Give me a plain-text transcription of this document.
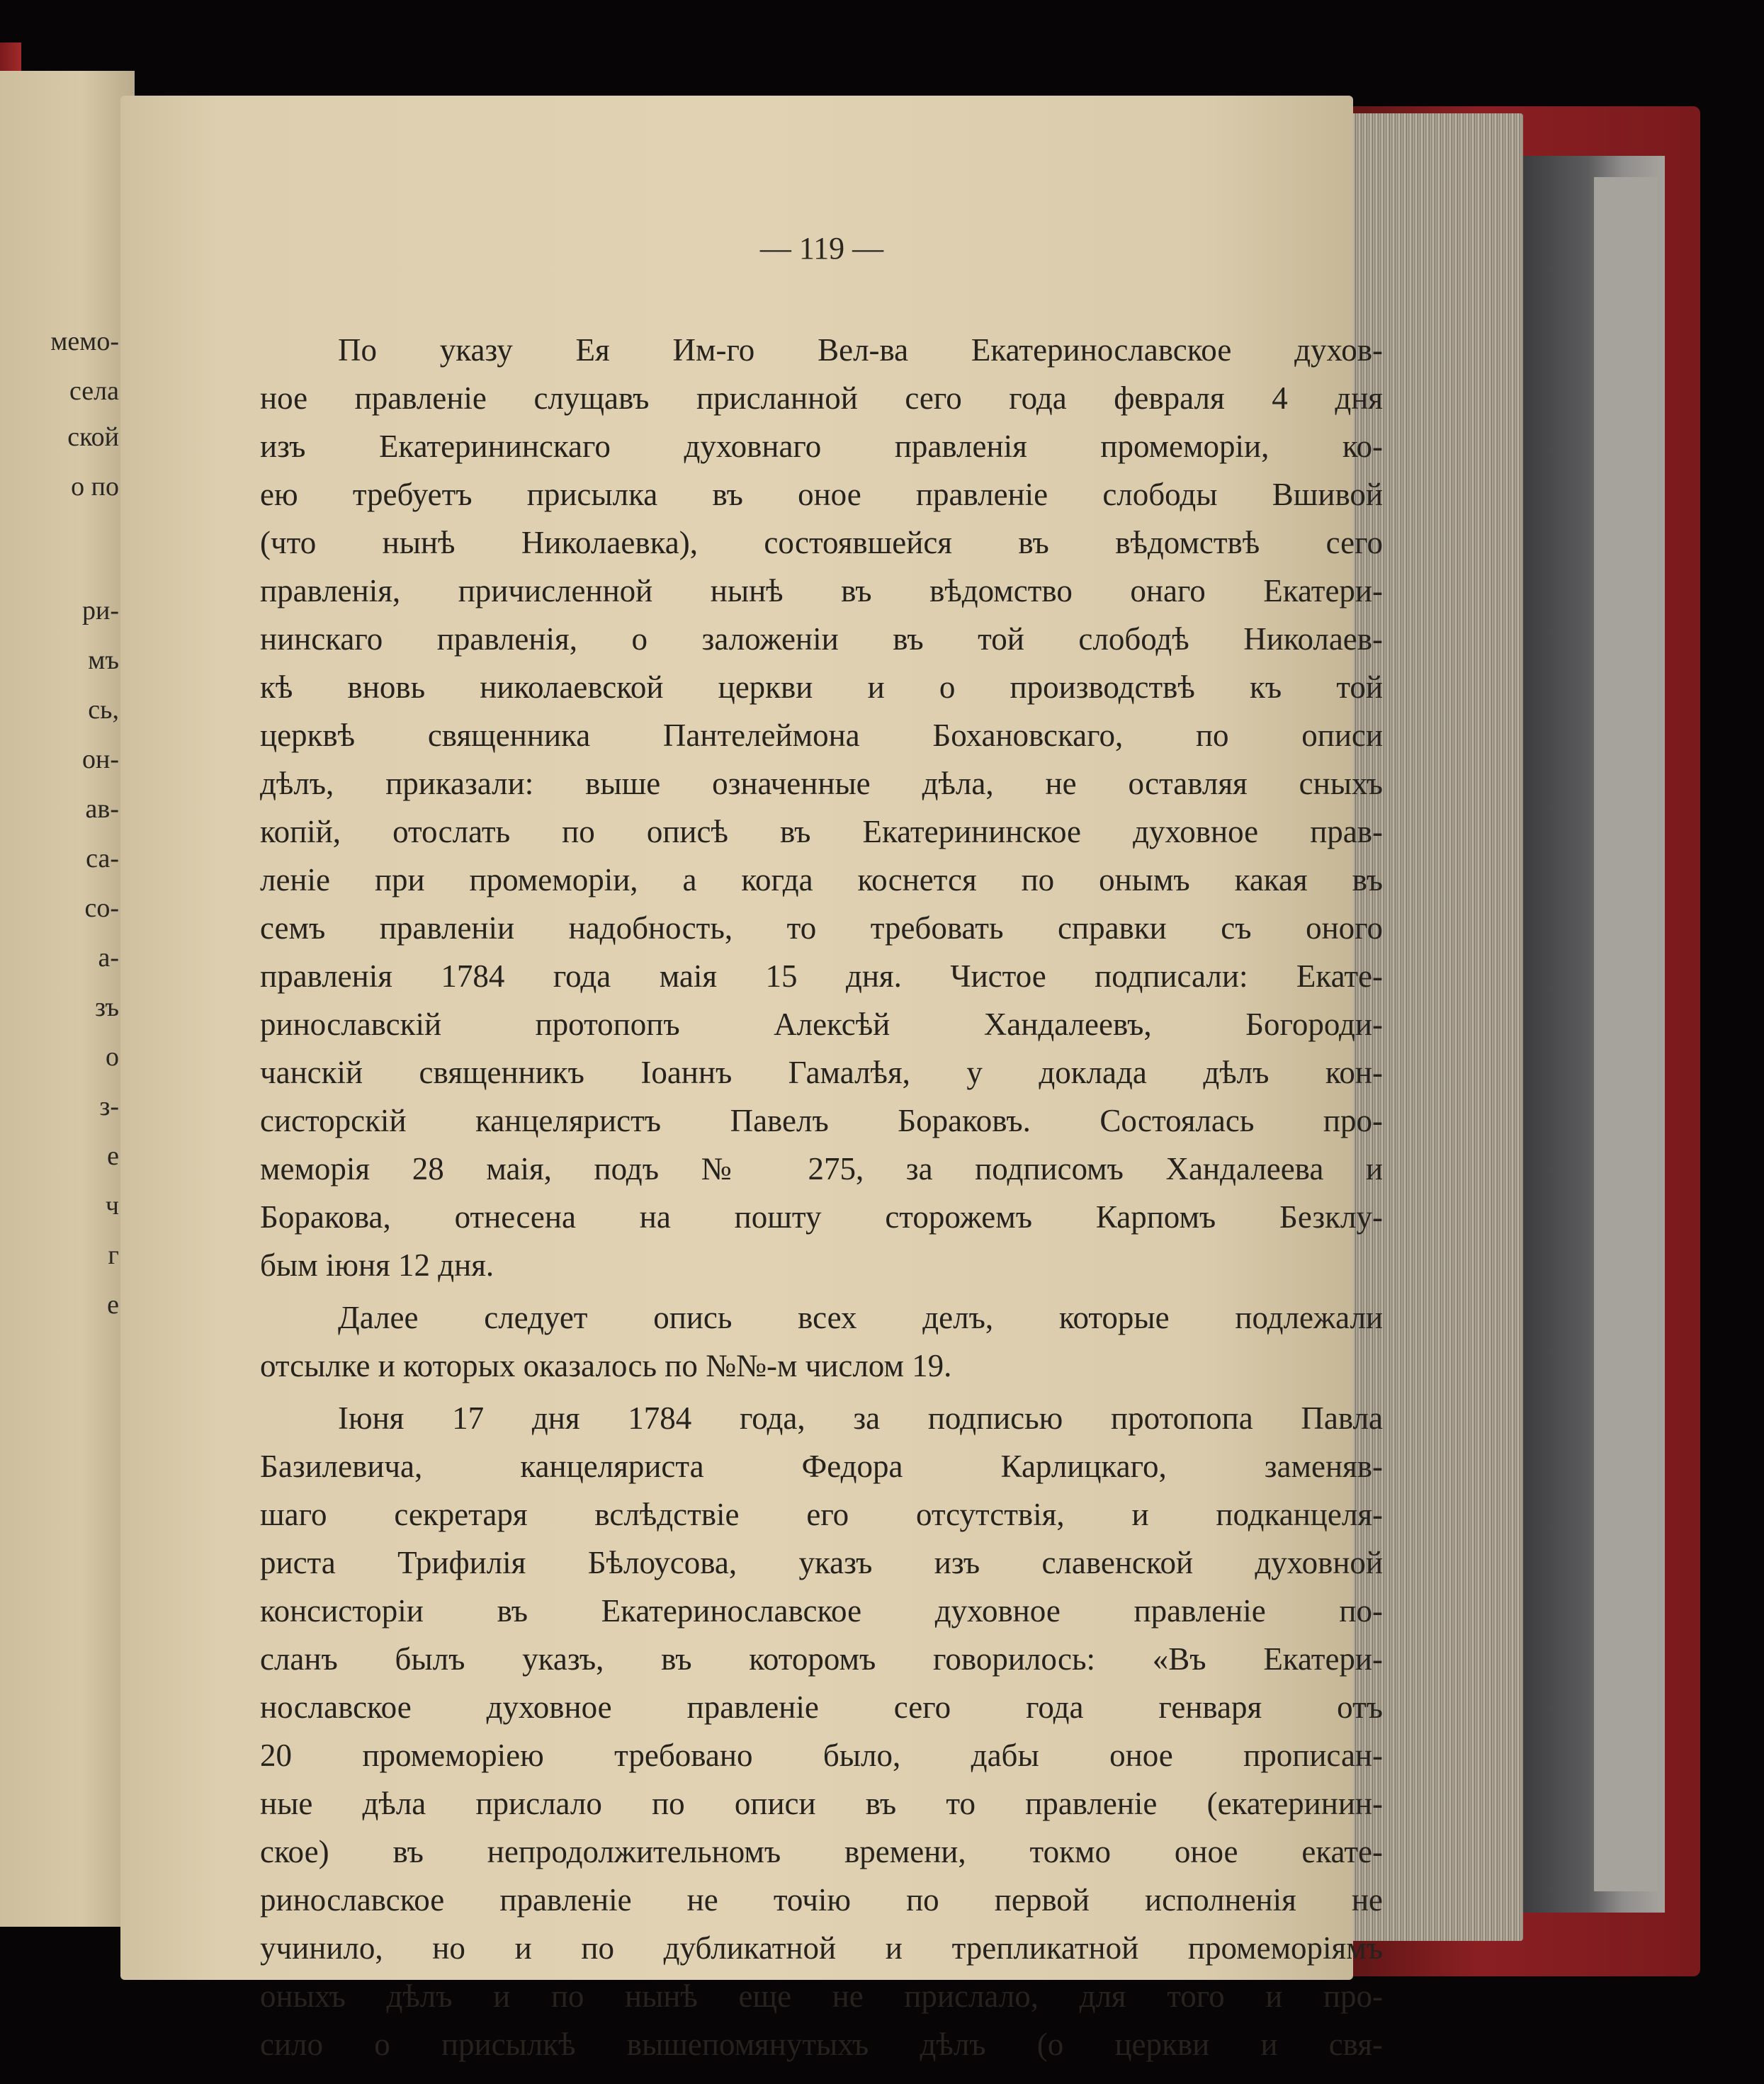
мемо-
села
ской
о по
ри-
мъ
сь,
он-
ав-
са-
со-
а-
зъ
о
з-
е
ч
г
е
— 119 —
По указу Ея Им-го Вел-ва Екатеринославское духов-
ное правленіе слущавъ присланной сего года февраля 4 дня
изъ Екатерининскаго духовнаго правленія промеморіи, ко-
ею требуетъ присылка въ оное правленіе слободы Вшивой
(что нынѣ Николаевка), состоявшейся въ вѣдомствѣ сего
правленія, причисленной нынѣ въ вѣдомство онаго Екатери-
нинскаго правленія, о заложеніи въ той слободѣ Николаев-
кѣ вновь николаевской церкви и о производствѣ къ той
церквѣ священника Пантелеймона Бохановскаго, по описи
дѣлъ, приказали: выше означенные дѣла, не оставляя сныхъ
копій, отослать по описѣ въ Екатерининское духовное прав-
леніе при промеморіи, а когда коснется по онымъ какая въ
семъ правленіи надобность, то требовать справки съ оного
правленія 1784 года маія 15 дня. Чистое подписали: Екате-
ринославскій протопопъ Алексѣй Хандалеевъ, Богороди-
чанскій священникъ Іоаннъ Гамалѣя, у доклада дѣлъ кон-
систорскій канцеляристъ Павелъ Бораковъ. Состоялась про-
меморія 28 маія, подъ № 275, за подписомъ Хандалеева и
Боракова, отнесена на пошту сторожемъ Карпомъ Безклу-
бым іюня 12 дня.
Далее следует опись всех делъ, которые подлежали
отсылке и которых оказалось по №№-м числом 19.
Іюня 17 дня 1784 года, за подписью протопопа Павла
Базилевича, канцеляриста Федора Карлицкаго, заменяв-
шаго секретаря вслѣдствіе его отсутствія, и подканцеля-
риста Трифилія Бѣлоусова, указъ изъ славенской духовной
консисторіи въ Екатеринославское духовное правленіе по-
сланъ былъ указъ, въ которомъ говорилось: «Въ Екатери-
нославское духовное правленіе сего года генваря отъ
20 промеморіею требовано было, дабы оное прописан-
ные дѣла прислало по описи въ то правленіе (екатеринин-
ское) въ непродолжительномъ времени, токмо оное екате-
ринославское правленіе не точію по первой исполненія не
учинило, но и по дубликатной и трепликатной промеморіямъ
оныхъ дѣлъ и по нынѣ еще не прислало, для того и про-
сило о присылкѣ вышепомянутыхъ дѣлъ (о церкви и свя-
